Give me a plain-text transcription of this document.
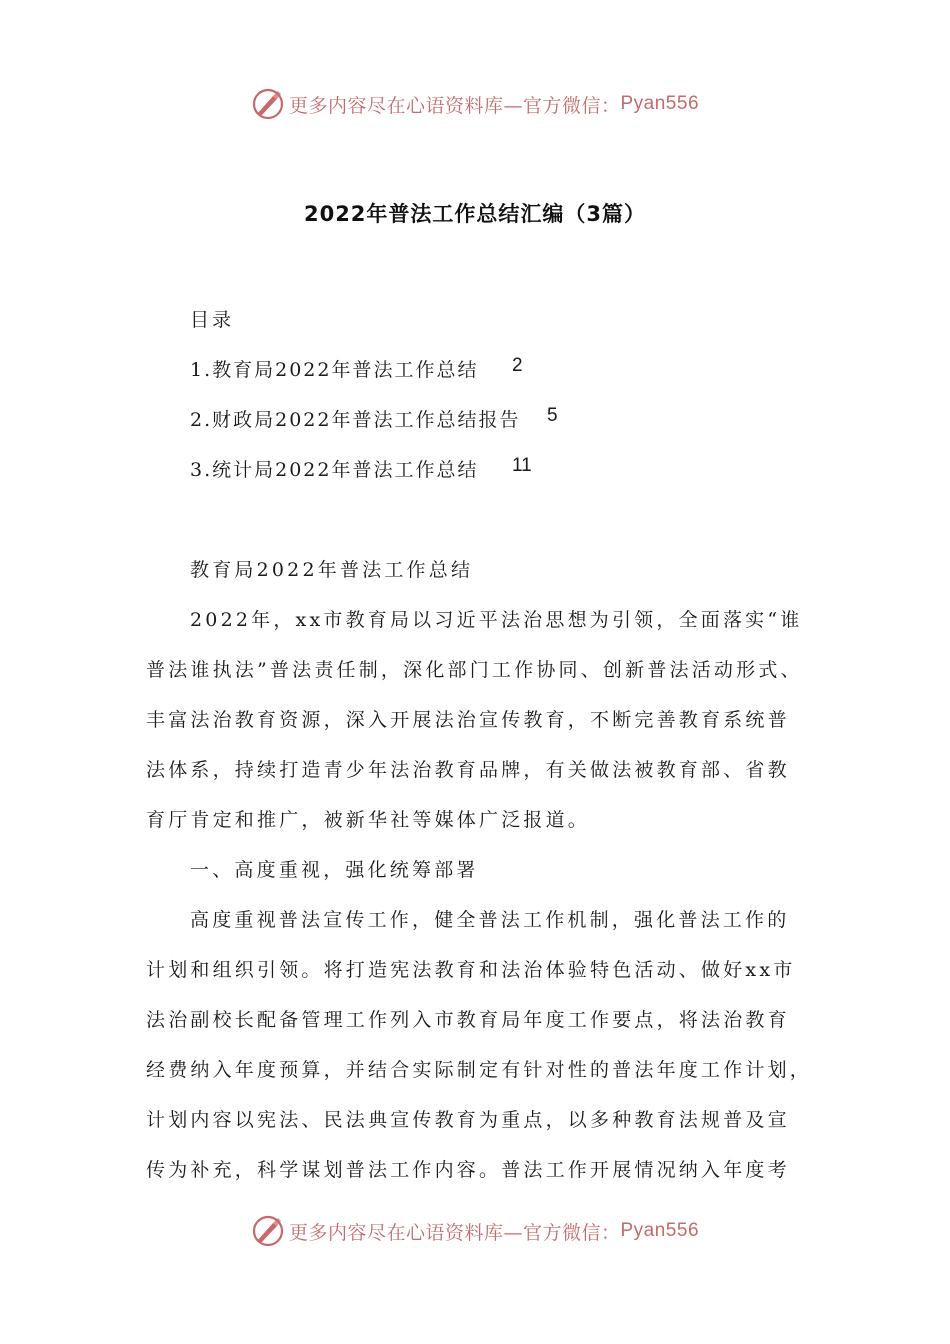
更多内容尽在心语资料库—官方微信： Pyan556
2022年普法工作总结汇编（3篇）
目录
1.教育局2022年普法工作总结 2
2.财政局2022年普法工作总结报告 5
3.统计局2022年普法工作总结 11
教育局2022年普法工作总结
2022年，xx市教育局以习近平法治思想为引领，全面落实“谁
普法谁执法”普法责任制，深化部门工作协同、创新普法活动形式、
丰富法治教育资源，深入开展法治宣传教育，不断完善教育系统普
法体系，持续打造青少年法治教育品牌，有关做法被教育部、省教
育厅肯定和推广，被新华社等媒体广泛报道。
一、高度重视，强化统筹部署
高度重视普法宣传工作，健全普法工作机制，强化普法工作的
计划和组织引领。将打造宪法教育和法治体验特色活动、做好xx市
法治副校长配备管理工作列入市教育局年度工作要点，将法治教育
经费纳入年度预算，并结合实际制定有针对性的普法年度工作计划，
计划内容以宪法、民法典宣传教育为重点，以多种教育法规普及宣
传为补充，科学谋划普法工作内容。普法工作开展情况纳入年度考
更多内容尽在心语资料库—官方微信： Pyan556
